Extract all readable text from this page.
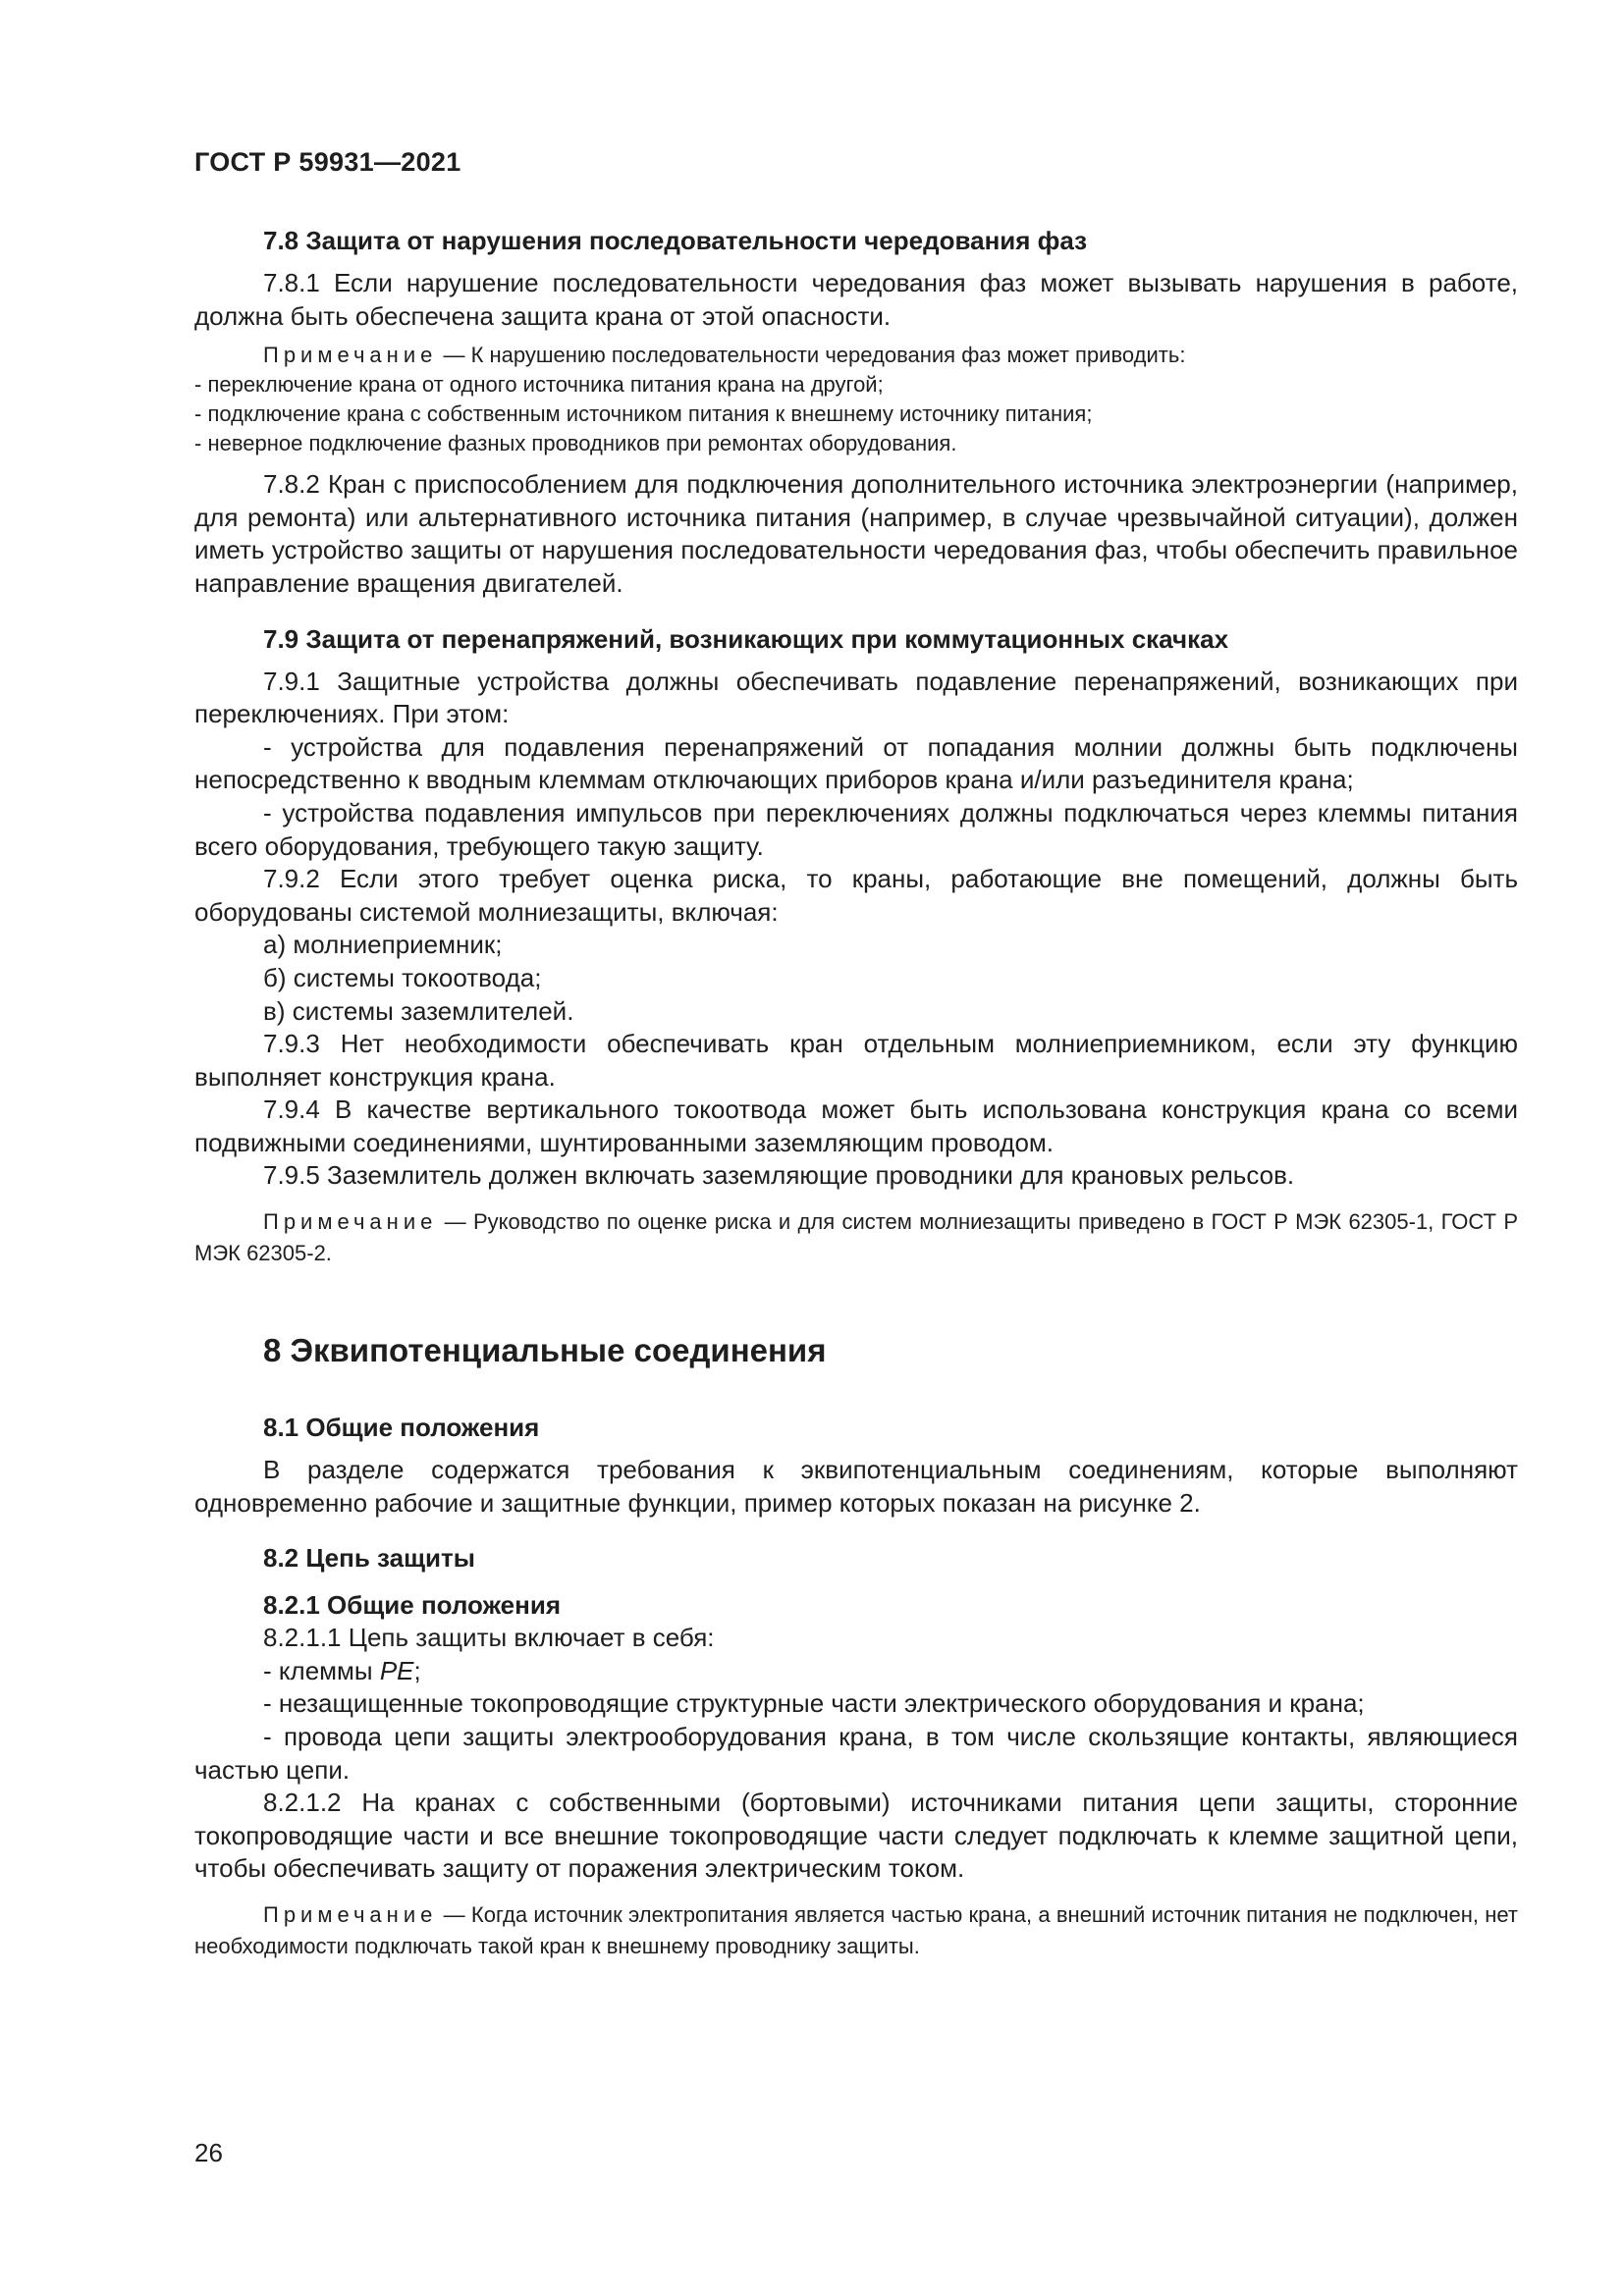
ГОСТ Р 59931—2021
7.8 Защита от нарушения последовательности чередования фаз

7.8.1 Если нарушение последовательности чередования фаз может вызывать нарушения в работе, должна быть обеспечена защита крана от этой опасности.

Примечание — К нарушению последовательности чередования фаз может приводить:
- переключение крана от одного источника питания крана на другой;
- подключение крана с собственным источником питания к внешнему источнику питания;
- неверное подключение фазных проводников при ремонтах оборудования.

7.8.2 Кран с приспособлением для подключения дополнительного источника электроэнергии (например, для ремонта) или альтернативного источника питания (например, в случае чрезвычайной ситуации), должен иметь устройство защиты от нарушения последовательности чередования фаз, чтобы обеспечить правильное направление вращения двигателей.

7.9 Защита от перенапряжений, возникающих при коммутационных скачках

7.9.1 Защитные устройства должны обеспечивать подавление перенапряжений, возникающих при переключениях. При этом:

- устройства для подавления перенапряжений от попадания молнии должны быть подключены непосредственно к вводным клеммам отключающих приборов крана и/или разъединителя крана;

- устройства подавления импульсов при переключениях должны подключаться через клеммы питания всего оборудования, требующего такую защиту.

7.9.2 Если этого требует оценка риска, то краны, работающие вне помещений, должны быть оборудованы системой молниезащиты, включая:

а) молниеприемник;

б) системы токоотвода;

в) системы заземлителей.

7.9.3 Нет необходимости обеспечивать кран отдельным молниеприемником, если эту функцию выполняет конструкция крана.

7.9.4 В качестве вертикального токоотвода может быть использована конструкция крана со всеми подвижными соединениями, шунтированными заземляющим проводом.

7.9.5 Заземлитель должен включать заземляющие проводники для крановых рельсов.

Примечание — Руководство по оценке риска и для систем молниезащиты приведено в ГОСТ Р МЭК 62305-1, ГОСТ Р МЭК 62305-2.
8 Эквипотенциальные соединения
8.1 Общие положения

В разделе содержатся требования к эквипотенциальным соединениям, которые выполняют одновременно рабочие и защитные функции, пример которых показан на рисунке 2.

8.2 Цепь защиты
8.2.1 Общие положения

8.2.1.1 Цепь защиты включает в себя:

- клеммы PE;

- незащищенные токопроводящие структурные части электрического оборудования и крана;

- провода цепи защиты электрооборудования крана, в том числе скользящие контакты, являющиеся частью цепи.

8.2.1.2 На кранах с собственными (бортовыми) источниками питания цепи защиты, сторонние токопроводящие части и все внешние токопроводящие части следует подключать к клемме защитной цепи, чтобы обеспечивать защиту от поражения электрическим током.

Примечание — Когда источник электропитания является частью крана, а внешний источник питания не подключен, нет необходимости подключать такой кран к внешнему проводнику защиты.
26
